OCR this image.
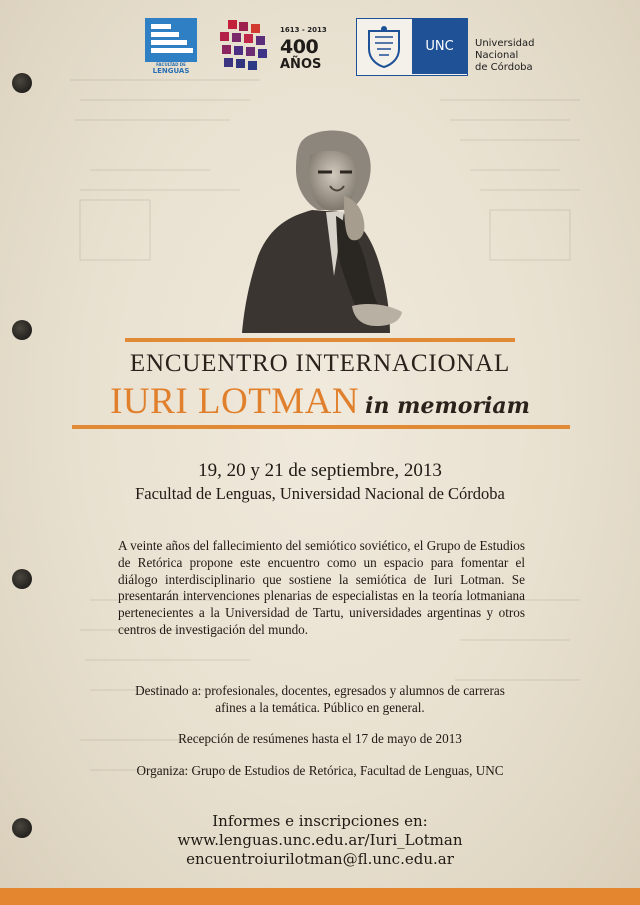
FACULTAD DE
LENGUAS
1613 - 2013
400
AÑOS
UNC	Universidad
Nacional
de Córdoba
ENCUENTRO INTERNACIONAL
IURI LOTMAN in memoriam
19, 20 y 21 de septiembre, 2013
Facultad de Lenguas, Universidad Nacional de Córdoba
A veinte años del fallecimiento del semiótico soviético, el Grupo de Estudios de Retórica propone este encuentro como un espacio para fomentar el diálogo interdisciplinario que sostiene la semiótica de Iuri Lotman. Se presentarán intervenciones plenarias de especialistas en la teoría lotmaniana pertenecientes a la Universidad de Tartu, universidades argentinas y otros centros de investigación del mundo.
Destinado a: profesionales, docentes, egresados y alumnos de carreras
afines a la temática. Público en general.
Recepción de resúmenes hasta el 17 de mayo de 2013
Organiza: Grupo de Estudios de Retórica, Facultad de Lenguas, UNC
Informes e inscripciones en:
www.lenguas.unc.edu.ar/Iuri_Lotman
encuentroiurilotman@fl.unc.edu.ar
